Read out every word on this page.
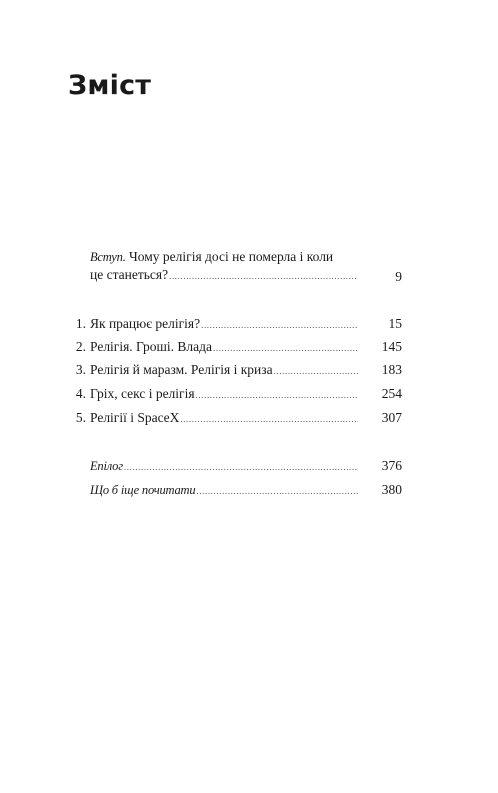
Зміст
Вступ. Чому релігія досі не померла і коли
це станеться? .....	9
1. Як працює релігія? .....	15
2. Релігія. Гроші. Влада .....	145
3. Релігія й маразм. Релігія і криза .....	183
4. Гріх, секс і релігія .....	254
5. Релігії і SpaceX .....	307
Епілог .....	376
Що б іще почитати .....	380
